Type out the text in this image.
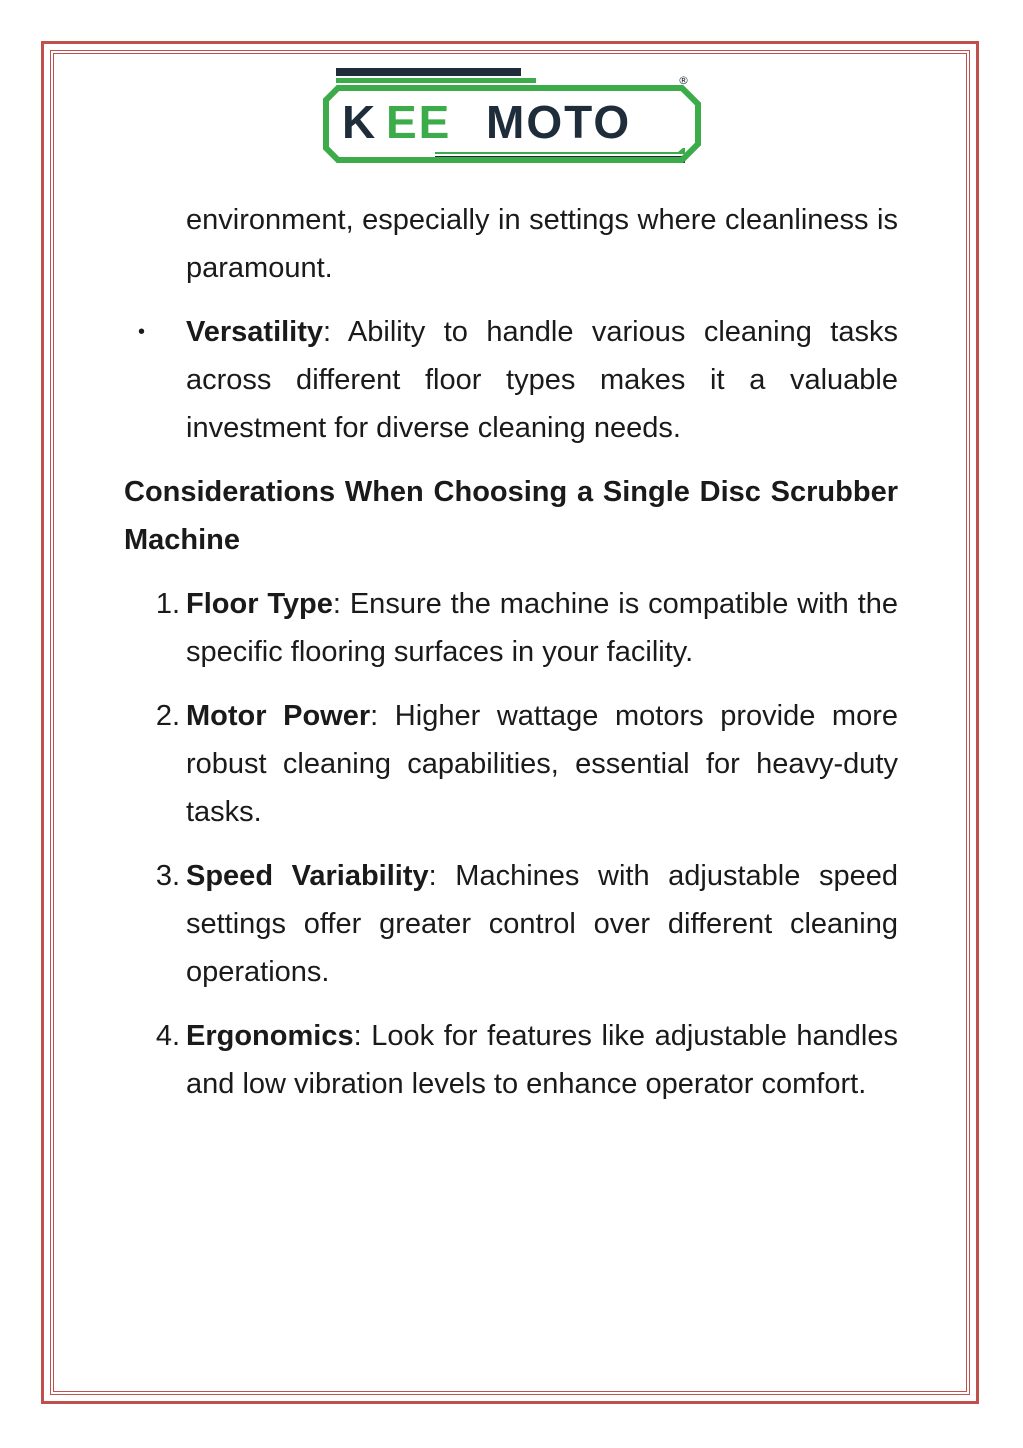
K EE MOTO
®

environment, especially in settings where cleanliness is paramount.

• Versatility: Ability to handle various cleaning tasks across different floor types makes it a valuable investment for diverse cleaning needs.

Considerations When Choosing a Single Disc Scrubber Machine

1. Floor Type: Ensure the machine is compatible with the specific flooring surfaces in your facility.
2. Motor Power: Higher wattage motors provide more robust cleaning capabilities, essential for heavy-duty tasks.
3. Speed Variability: Machines with adjustable speed settings offer greater control over different cleaning operations.
4. Ergonomics: Look for features like adjustable handles and low vibration levels to enhance operator comfort.
